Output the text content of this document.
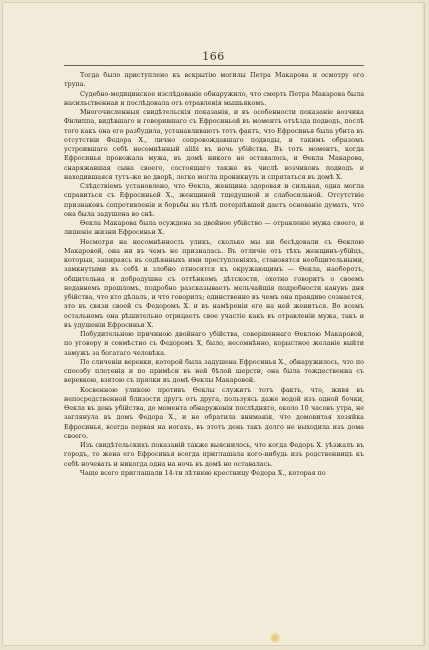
166

Тогда было приступлено къ вскрытію могилы Петра Макарова и осмотру его трупа.

Судебно-медицинское изслѣдованіе обнаружило, что смерть Петра Макарова была насильственная и послѣдовала отъ отравленія мышьякомъ.

Многочисленныя свидѣтельскія показанія, и въ особенности показаніе возчика Филиппа, видѣвшаго и говорившаго съ Ефросиньей въ моментъ отъѣзда подводъ, послѣ того какъ она его разбудила, устанавливаютъ тотъ фактъ, что Ефросинья была убита въ отсутствіи Федора Х., лично сопровождавшаго подводы, и такимъ образомъ устроившаго себѣ несомнѣнный alibi въ ночь убійства. Въ тотъ моментъ, когда Ефросинья провожала мужа, въ домѣ никого не оставалось, и Ѳекла Макарова, снаряжавшая сына своего, состоящаго также въ числѣ возчиковъ подводъ и находившаяся тутъ-же во дворѣ, легко могла проникнуть и спрятаться въ домѣ Х.

Слѣдствіемъ установлено, что Ѳекла, женщина здоровая и сильная, одна могла справиться съ Ефросиньей Х., женщиной тщедушной и слабосильной. Отсутствіе признаковъ сопротивленія и борьбы на тѣлѣ потерпѣвшей даетъ основаніе думать, что она была задушена во снѣ.

Ѳекла Макарова была осуждена за двойное убійство — отравленіе мужа своего, и лишеніе жизни Ефросиньи Х.

Несмотря на несомнѣнность уликъ, сколько мы ни бесѣдовали съ Ѳеклою Макаровой, она ни въ чемъ не призналась. Въ отличіе отъ тѣхъ женщинъ-убійцъ, которыя, запираясь въ содѣянныхъ ими преступленіяхъ, становятся необщительными, замкнутыми въ себѣ и злобно относятся къ окружающимъ — Ѳекла, наоборотъ, общительна и добродушна съ оттѣнкомъ дѣтскости, охотно говоритъ о своемъ недавнемъ прошломъ, подробно разсказываетъ мельчайшія подробности канувъ дня убійства, что кто дѣлалъ, и что говорилъ; единственно въ чемъ она правдиво сознается, это въ связи своей съ Федоромъ Х. и въ намѣреніи его на ней жениться. Во всемъ остальномъ она рѣшительно отрицаетъ свое участіе какъ въ отравленіи мужа, такъ и въ удушеніи Ефросиньи Х.

Побудительною причиною двойнаго убійства, совершеннаго Ѳеклою Макаровой, по уговору и совмѣстно съ Федоромъ Х, было, несомнѣнно, корыстное желаніе выйти замужъ за богатаго человѣка.

По сличеніи веревки, которой была задушена Ефросинья Х., обнаружилось, что по способу плетенія и по примѣси въ ней бѣлой шерсти, она была тождественна съ веревкою, взятою съ прялки въ домѣ Ѳеклы Макаровой.

Косвенною уликою противъ Ѳеклы служитъ тотъ фактъ, что, живя въ непосредственной близости другъ отъ друга, пользуясь даже водой изъ одной бочки, Ѳекла въ день убійства, до момента обнаруженія послѣдняго, около 10 часовъ утра, не заглянула въ домъ Федора Х., и не обратила вниманія, что домовитая хозяйка Ефросинья, всегда первая на ногахъ, въ этотъ день такъ долго не выходила изъ дома своего.

Изъ свидѣтельскихъ показаній также выяснилось, что когда Федоръ Х. уѣзжалъ въ городъ, то жена его Ефросинья всегда приглашала кого-нибудь изъ родственницъ къ себѣ ночевать и никогда одна на ночь въ домѣ не оставалась.

Чаще всего приглашали 14-ти лѣтнюю крестницу Федора Х., которая по
